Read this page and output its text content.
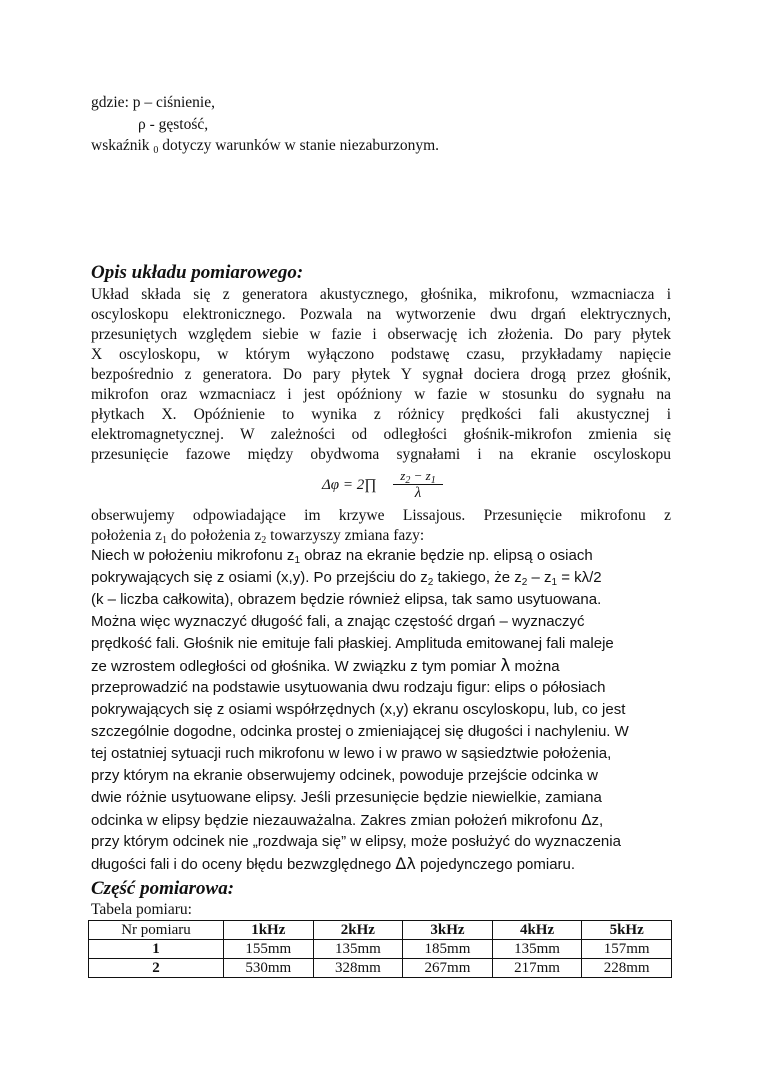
gdzie: p – ciśnienie,
ρ - gęstość,
wskaźnik $_0$ dotyczy warunków w stanie niezaburzonym.
Opis układu pomiarowego:
Układ składa się z generatora akustycznego, głośnika, mikrofonu, wzmacniacza i
oscyloskopu elektronicznego. Pozwala na wytworzenie dwu drgań elektrycznych,
przesuniętych względem siebie w fazie i obserwację ich złożenia. Do pary płytek
X oscyloskopu, w którym wyłączono podstawę czasu, przykładamy napięcie
bezpośrednio z generatora. Do pary płytek Y sygnał dociera drogą przez głośnik,
mikrofon oraz wzmacniacz i jest opóźniony w fazie w stosunku do sygnału na
płytkach X. Opóźnienie to wynika z różnicy prędkości fali akustycznej i
elektromagnetycznej. W zależności od odległości głośnik-mikrofon zmienia się
przesunięcie fazowe między obydwoma sygnałami i na ekranie oscyloskopu
Δφ = 2∏ $\frac{z_2 - z_1}{\lambda}$
obserwujemy odpowiadające im krzywe Lissajous. Przesunięcie mikrofonu z
położenia $z_1$ do położenia $z_2$ towarzyszy zmiana fazy:
Niech w położeniu mikrofonu $z_1$ obraz na ekranie będzie np. elipsą o osiach
pokrywających się z osiami (x,y). Po przejściu do $z_2$ takiego, że $z_2 - z_1 = k\lambda/2$
(k – liczba całkowita), obrazem będzie również elipsa, tak samo usytuowana.
Można więc wyznaczyć długość fali, a znając częstość drgań – wyznaczyć
prędkość fali. Głośnik nie emituje fali płaskiej. Amplituda emitowanej fali maleje
ze wzrostem odległości od głośnika. W związku z tym pomiar λ można
przeprowadzić na podstawie usytuowania dwu rodzaju figur: elips o półosiach
pokrywających się z osiami współrzędnych (x,y) ekranu oscyloskopu, lub, co jest
szczególnie dogodne, odcinka prostej o zmieniającej się długości i nachyleniu. W
tej ostatniej sytuacji ruch mikrofonu w lewo i w prawo w sąsiedztwie położenia,
przy którym na ekranie obserwujemy odcinek, powoduje przejście odcinka w
dwie różnie usytuowane elipsy. Jeśli przesunięcie będzie niewielkie, zamiana
odcinka w elipsy będzie niezauważalna. Zakres zmian położeń mikrofonu Δz,
przy którym odcinek nie „rozdwaja się” w elipsy, może posłużyć do wyznaczenia
długości fali i do oceny błędu bezwzględnego Δλ pojedynczego pomiaru.
Część pomiarowa:
Tabela pomiaru:
Nr pomiaru	1kHz	2kHz	3kHz	4kHz	5kHz
1	155mm	135mm	185mm	135mm	157mm
2	530mm	328mm	267mm	217mm	228mm
